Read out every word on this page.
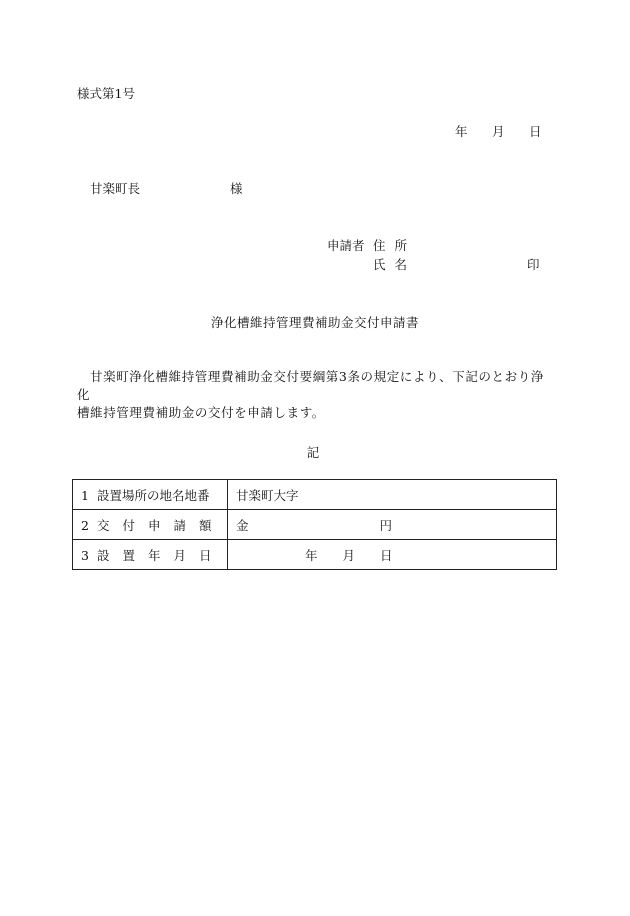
様式第1号
年 月 日
甘楽町長	様
申請者 住所
氏名	印
浄化槽維持管理費補助金交付申請書
甘楽町浄化槽維持管理費補助金交付要綱第3条の規定により、下記のとおり浄化
槽維持管理費補助金の交付を申請します。
記
1 設置場所の地名地番	甘楽町大字
2 交付申請額	金 円
3 設置年月日	年 月 日
